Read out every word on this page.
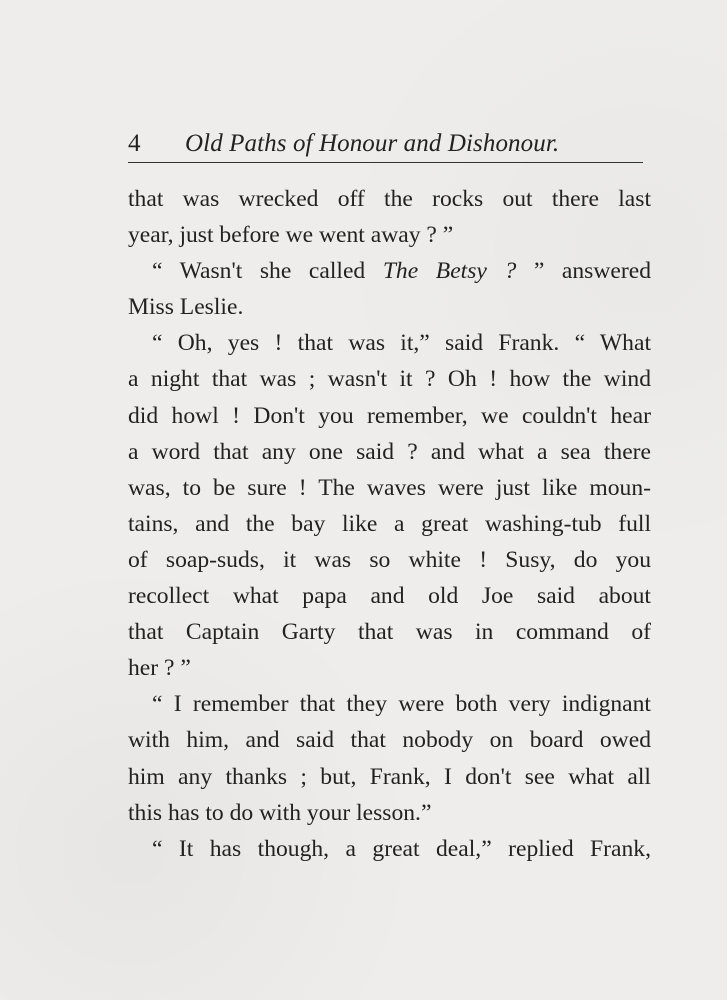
4 Old Paths of Honour and Dishonour.
that was wrecked off the rocks out there last
year, just before we went away ? ”
“ Wasn't she called The Betsy ? ” answered
Miss Leslie.
“ Oh, yes ! that was it,” said Frank. “ What
a night that was ; wasn't it ? Oh ! how the wind
did howl ! Don't you remember, we couldn't hear
a word that any one said ? and what a sea there
was, to be sure ! The waves were just like moun-
tains, and the bay like a great washing-tub full
of soap-suds, it was so white ! Susy, do you
recollect what papa and old Joe said about
that Captain Garty that was in command of
her ? ”
“ I remember that they were both very indignant
with him, and said that nobody on board owed
him any thanks ; but, Frank, I don't see what all
this has to do with your lesson.”
“ It has though, a great deal,” replied Frank,
